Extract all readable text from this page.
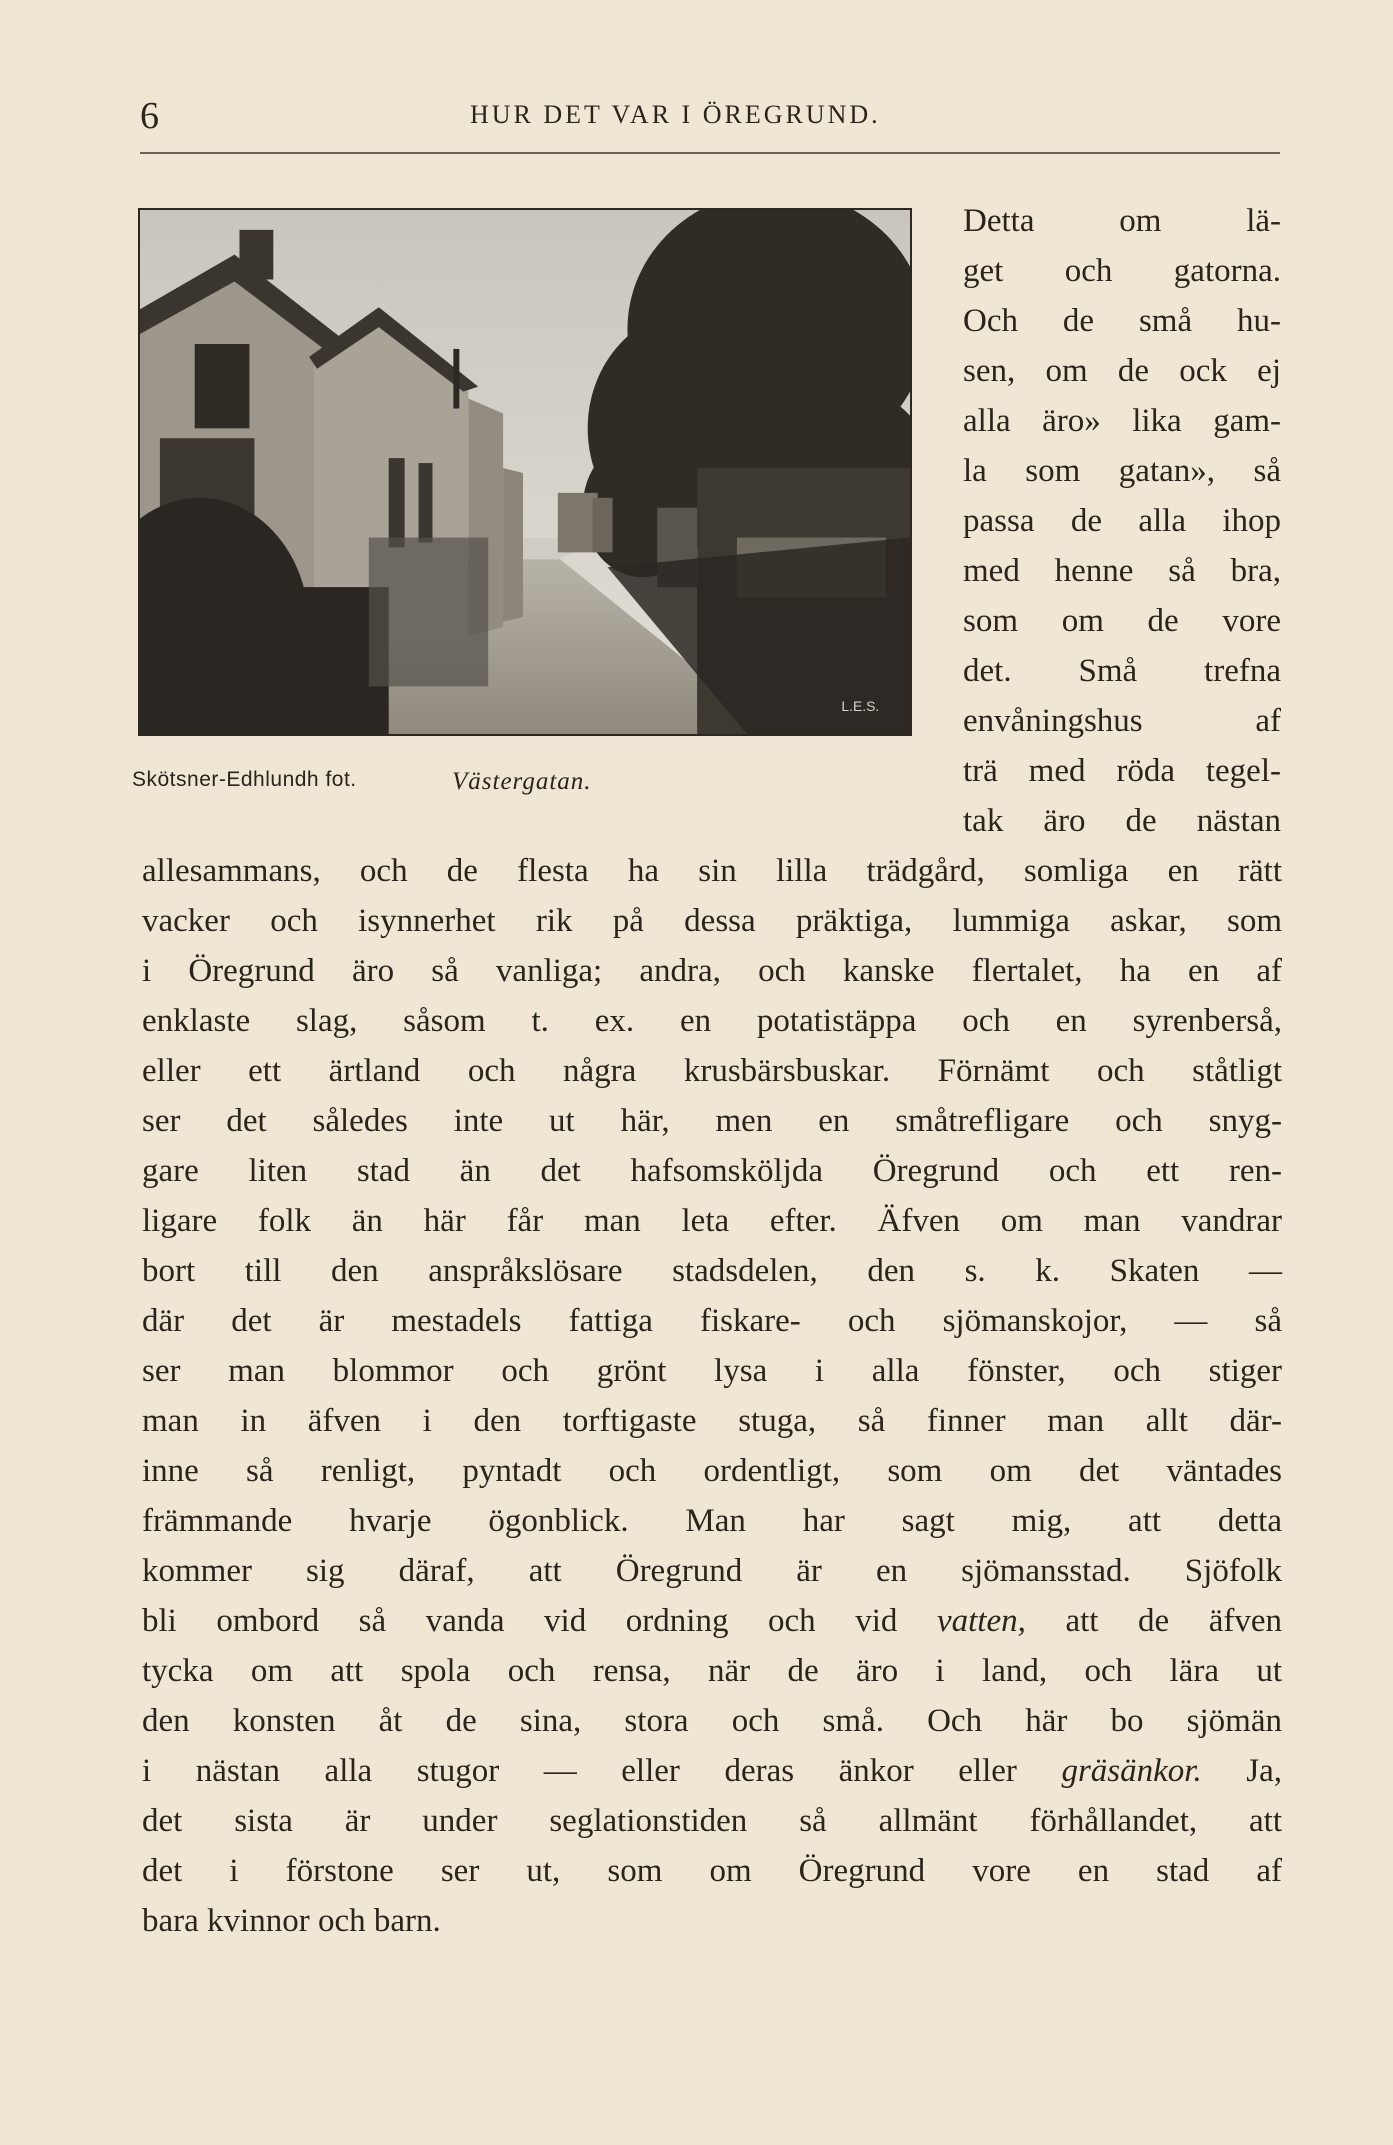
6	HUR DET VAR I ÖREGRUND.
L.E.S.
Skötsner-Edhlundh fot.	Västergatan.
Detta om lä-
get och gatorna.
Och de små hu-
sen, om de ock ej
alla äro» lika gam-
la som gatan», så
passa de alla ihop
med henne så bra,
som om de vore
det. Små trefna
envåningshus af
trä med röda tegel-
tak äro de nästan
allesammans, och de flesta ha sin lilla trädgård, somliga en rätt
vacker och isynnerhet rik på dessa präktiga, lummiga askar, som
i Öregrund äro så vanliga; andra, och kanske flertalet, ha en af
enklaste slag, såsom t. ex. en potatistäppa och en syrenberså,
eller ett ärtland och några krusbärsbuskar. Förnämt och ståtligt
ser det således inte ut här, men en småtrefligare och snyg-
gare liten stad än det hafsomsköljda Öregrund och ett ren-
ligare folk än här får man leta efter. Äfven om man vandrar
bort till den anspråkslösare stadsdelen, den s. k. Skaten —
där det är mestadels fattiga fiskare- och sjömanskojor, — så
ser man blommor och grönt lysa i alla fönster, och stiger
man in äfven i den torftigaste stuga, så finner man allt där-
inne så renligt, pyntadt och ordentligt, som om det väntades
främmande hvarje ögonblick. Man har sagt mig, att detta
kommer sig däraf, att Öregrund är en sjömansstad. Sjöfolk
bli ombord så vanda vid ordning och vid vatten, att de äfven
tycka om att spola och rensa, när de äro i land, och lära ut
den konsten åt de sina, stora och små. Och här bo sjömän
i nästan alla stugor — eller deras änkor eller gräsänkor. Ja,
det sista är under seglationstiden så allmänt förhållandet, att
det i förstone ser ut, som om Öregrund vore en stad af
bara kvinnor och barn.
